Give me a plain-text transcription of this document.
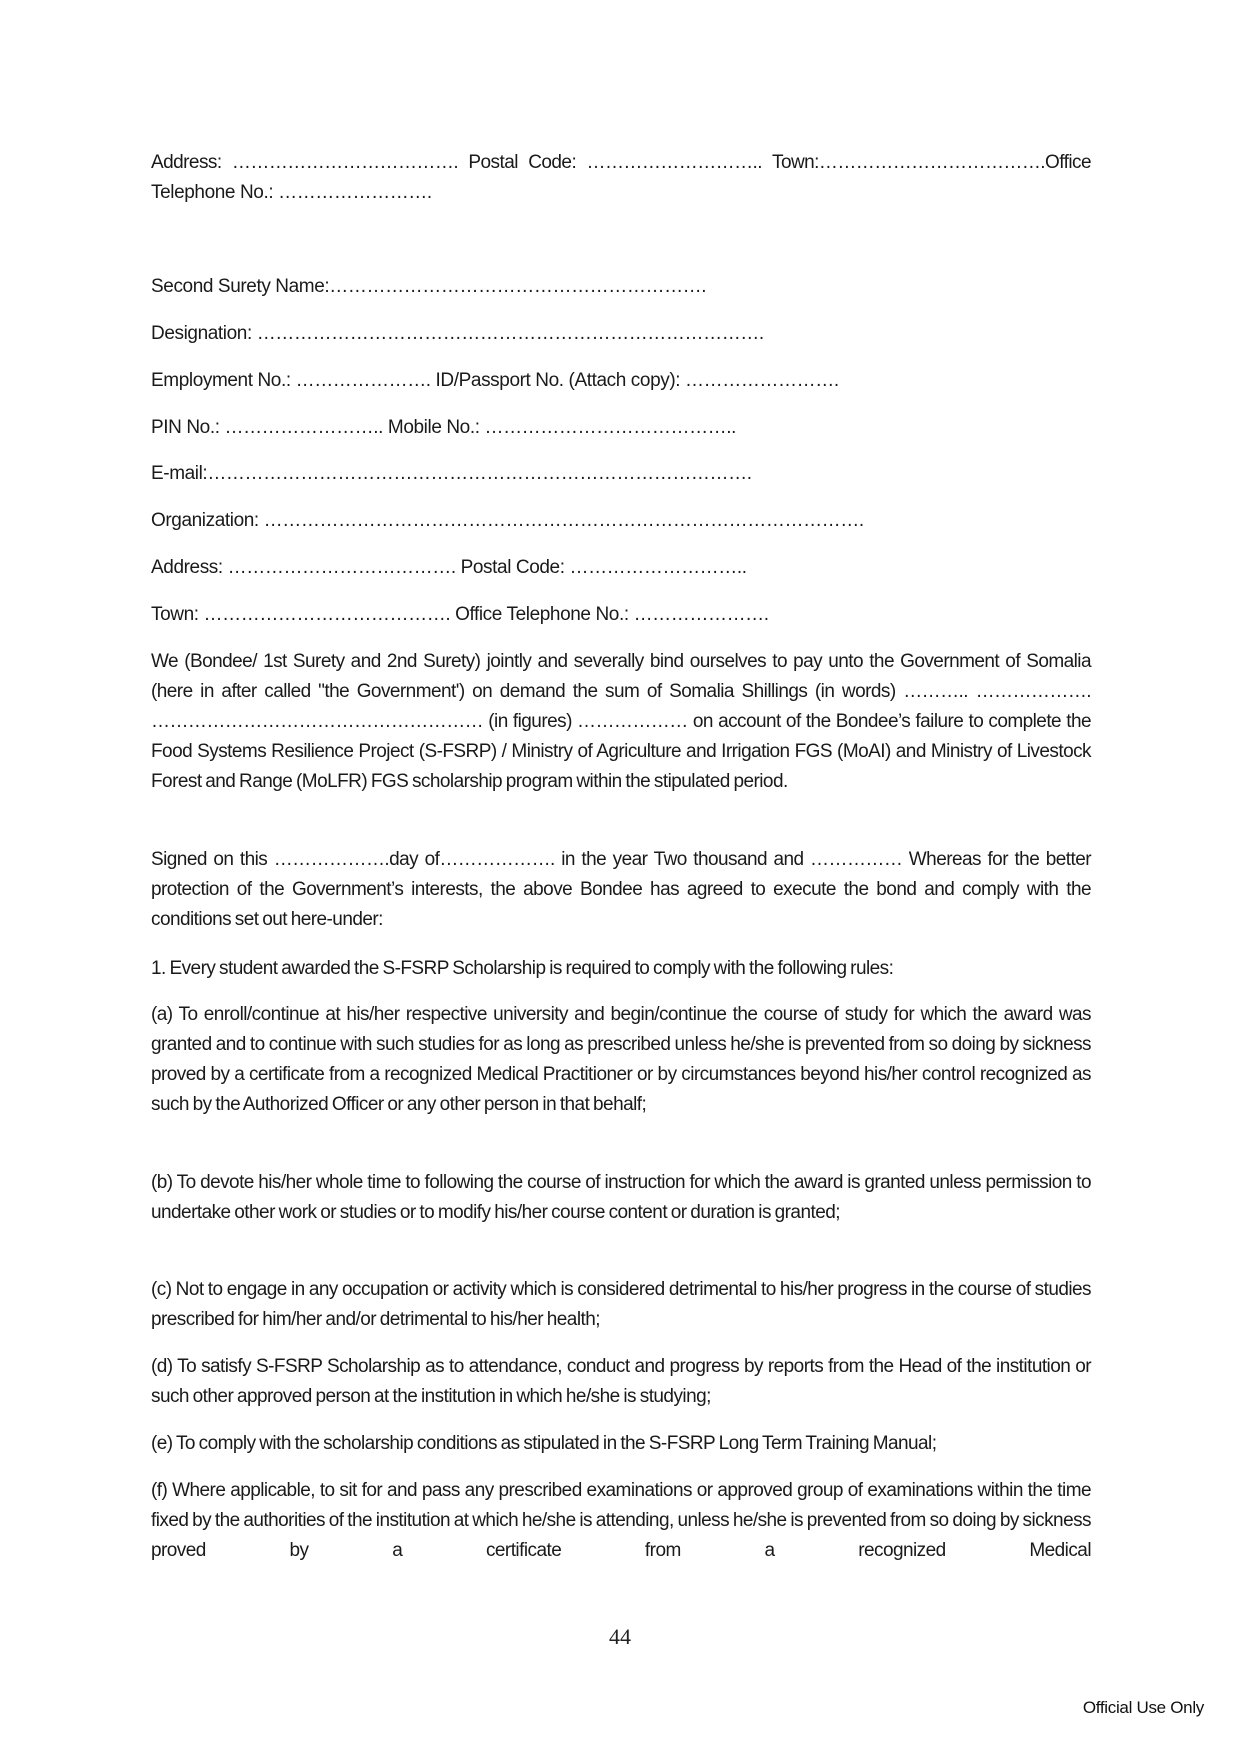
Address: ………………………………. Postal Code: ……………………….. Town:……………………………….Office
Telephone No.: …………………….
Second Surety Name:…………………………………………………….
Designation: ……………………………………………………………………….
Employment No.: …………………. ID/Passport No. (Attach copy): …………………….
PIN No.: …………………….. Mobile No.: …………………………………..
E-mail:…………………………………………………………………………….
Organization: …………………………………………………………………………………….
Address: ………………………………. Postal Code: ………………………..
Town: …………………………………. Office Telephone No.: ………………….
We (Bondee/ 1st Surety and 2nd Surety) jointly and severally bind ourselves to pay unto the Government of Somalia (here in after called "the Government') on demand the sum of Somalia Shillings (in words) ……….. ………………. ……………………………………………… (in figures) ……………… on account of the Bondee’s failure to complete the Food Systems Resilience Project (S-FSRP) / Ministry of Agriculture and Irrigation FGS (MoAI) and Ministry of Livestock Forest and Range (MoLFR) FGS scholarship program within the stipulated period.
Signed on this ……………….day of………………. in the year Two thousand and …………… Whereas for the better protection of the Government’s interests, the above Bondee has agreed to execute the bond and comply with the conditions set out here-under:
1. Every student awarded the S-FSRP Scholarship is required to comply with the following rules:
(a) To enroll/continue at his/her respective university and begin/continue the course of study for which the award was granted and to continue with such studies for as long as prescribed unless he/she is prevented from so doing by sickness proved by a certificate from a recognized Medical Practitioner or by circumstances beyond his/her control recognized as such by the Authorized Officer or any other person in that behalf;
(b) To devote his/her whole time to following the course of instruction for which the award is granted unless permission to undertake other work or studies or to modify his/her course content or duration is granted;
(c) Not to engage in any occupation or activity which is considered detrimental to his/her progress in the course of studies prescribed for him/her and/or detrimental to his/her health;
(d) To satisfy S-FSRP Scholarship as to attendance, conduct and progress by reports from the Head of the institution or such other approved person at the institution in which he/she is studying;
(e) To comply with the scholarship conditions as stipulated in the S-FSRP Long Term Training Manual;
(f) Where applicable, to sit for and pass any prescribed examinations or approved group of examinations within the time fixed by the authorities of the institution at which he/she is attending, unless he/she is prevented from so doing by sickness proved by a certificate from a recognized Medical
44
Official Use Only
